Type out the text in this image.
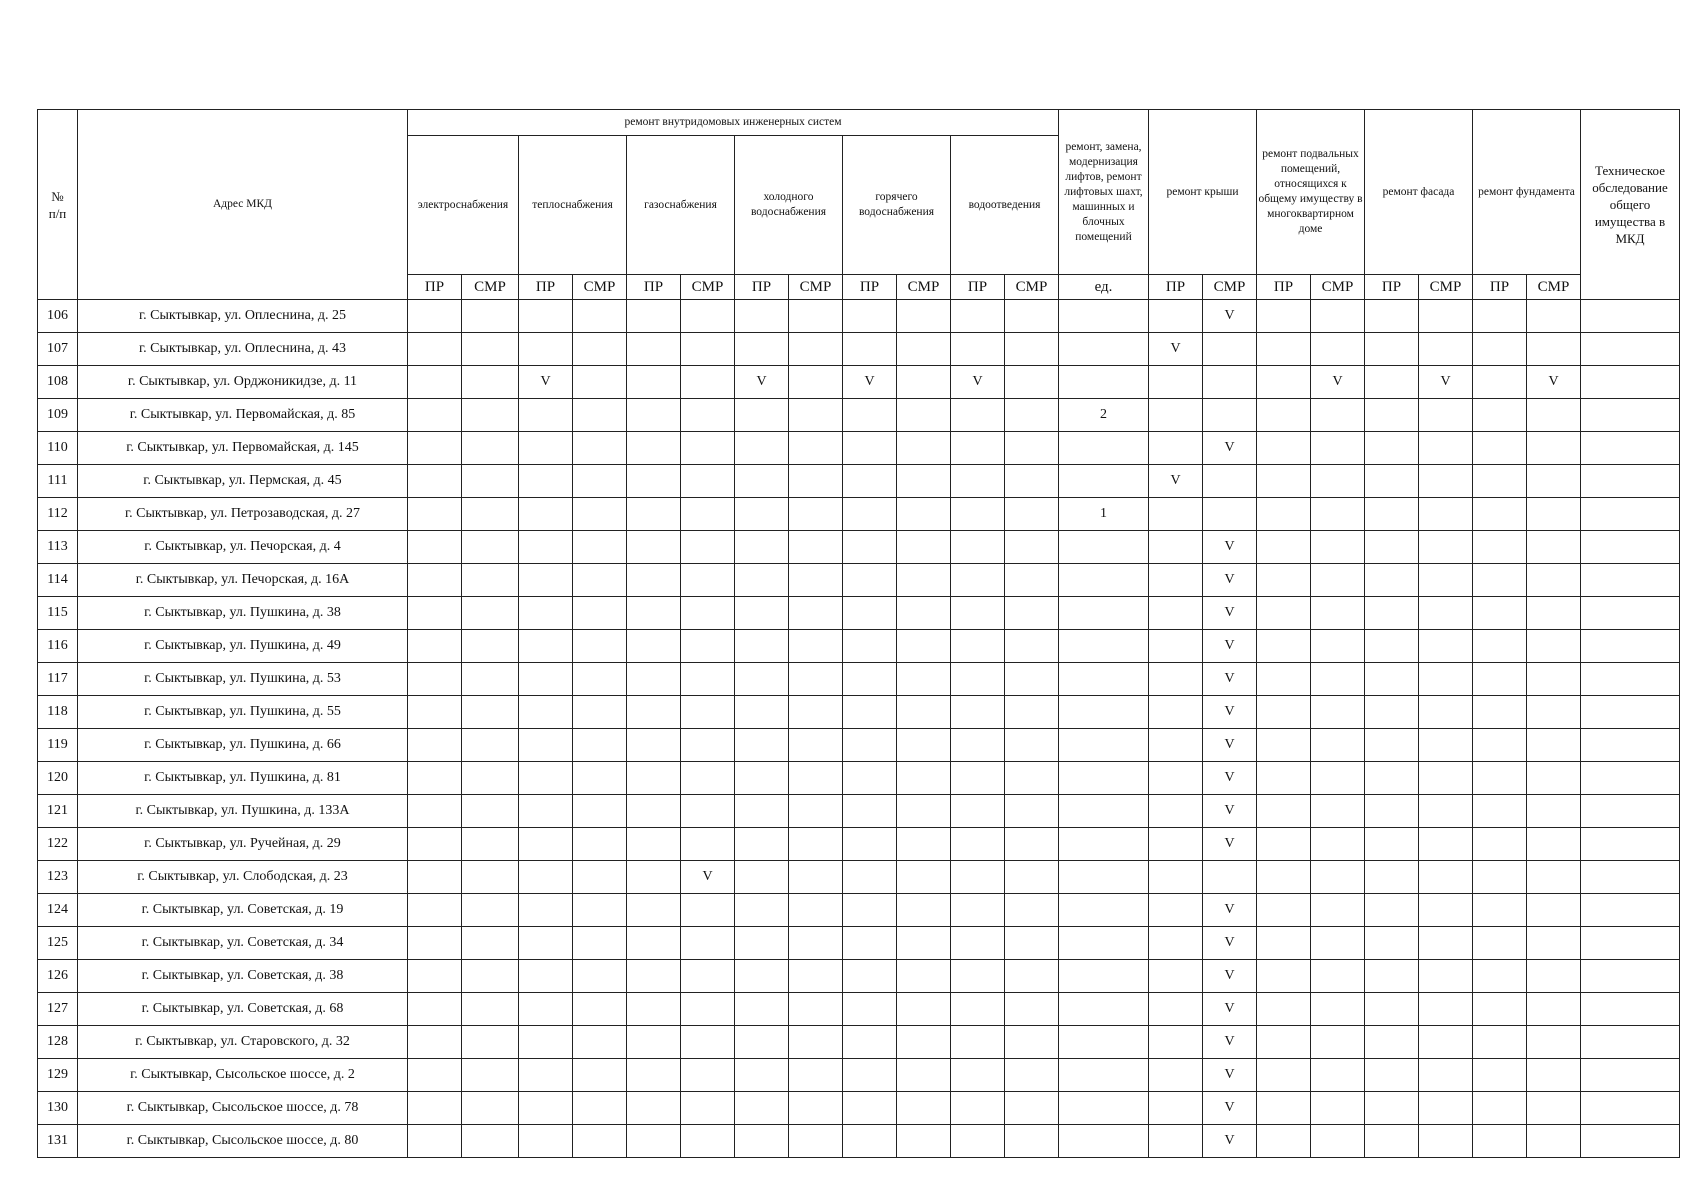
№
п/п	Адрес МКД	ремонт внутридомовых инженерных систем												ремонт, замена, модернизация лифтов, ремонт лифтовых шахт, машинных и блочных помещений	ремонт крыши		ремонт подвальных помещений, относящихся к общему имуществу в многоквартирном доме		ремонт фасада		ремонт фундамента		Техническое обследование общего имущества в МКД
		электроснабжения		теплоснабжения		газоснабжения		холодного водоснабжения		горячего водоснабжения		водоотведения											
		ПР	СМР	ПР	СМР	ПР	СМР	ПР	СМР	ПР	СМР	ПР	СМР	ед.	ПР	СМР	ПР	СМР	ПР	СМР	ПР	СМР	
106	г. Сыктывкар, ул. Оплеснина, д. 25															V							
107	г. Сыктывкар, ул. Оплеснина, д. 43														V								
108	г. Сыктывкар, ул. Орджоникидзе, д. 11			V				V		V		V						V		V		V	
109	г. Сыктывкар, ул. Первомайская, д. 85													2									
110	г. Сыктывкар, ул. Первомайская, д. 145															V							
111	г. Сыктывкар, ул. Пермская, д. 45														V								
112	г. Сыктывкар, ул. Петрозаводская, д. 27													1									
113	г. Сыктывкар, ул. Печорская, д. 4															V							
114	г. Сыктывкар, ул. Печорская, д. 16А															V							
115	г. Сыктывкар, ул. Пушкина, д. 38															V							
116	г. Сыктывкар, ул. Пушкина, д. 49															V							
117	г. Сыктывкар, ул. Пушкина, д. 53															V							
118	г. Сыктывкар, ул. Пушкина, д. 55															V							
119	г. Сыктывкар, ул. Пушкина, д. 66															V							
120	г. Сыктывкар, ул. Пушкина, д. 81															V							
121	г. Сыктывкар, ул. Пушкина, д. 133А															V							
122	г. Сыктывкар, ул. Ручейная, д. 29															V							
123	г. Сыктывкар, ул. Слободская, д. 23						V																
124	г. Сыктывкар, ул. Советская, д. 19															V							
125	г. Сыктывкар, ул. Советская, д. 34															V							
126	г. Сыктывкар, ул. Советская, д. 38															V							
127	г. Сыктывкар, ул. Советская, д. 68															V							
128	г. Сыктывкар, ул. Старовского, д. 32															V							
129	г. Сыктывкар, Сысольское шоссе, д. 2															V							
130	г. Сыктывкар, Сысольское шоссе, д. 78															V							
131	г. Сыктывкар, Сысольское шоссе, д. 80															V							
